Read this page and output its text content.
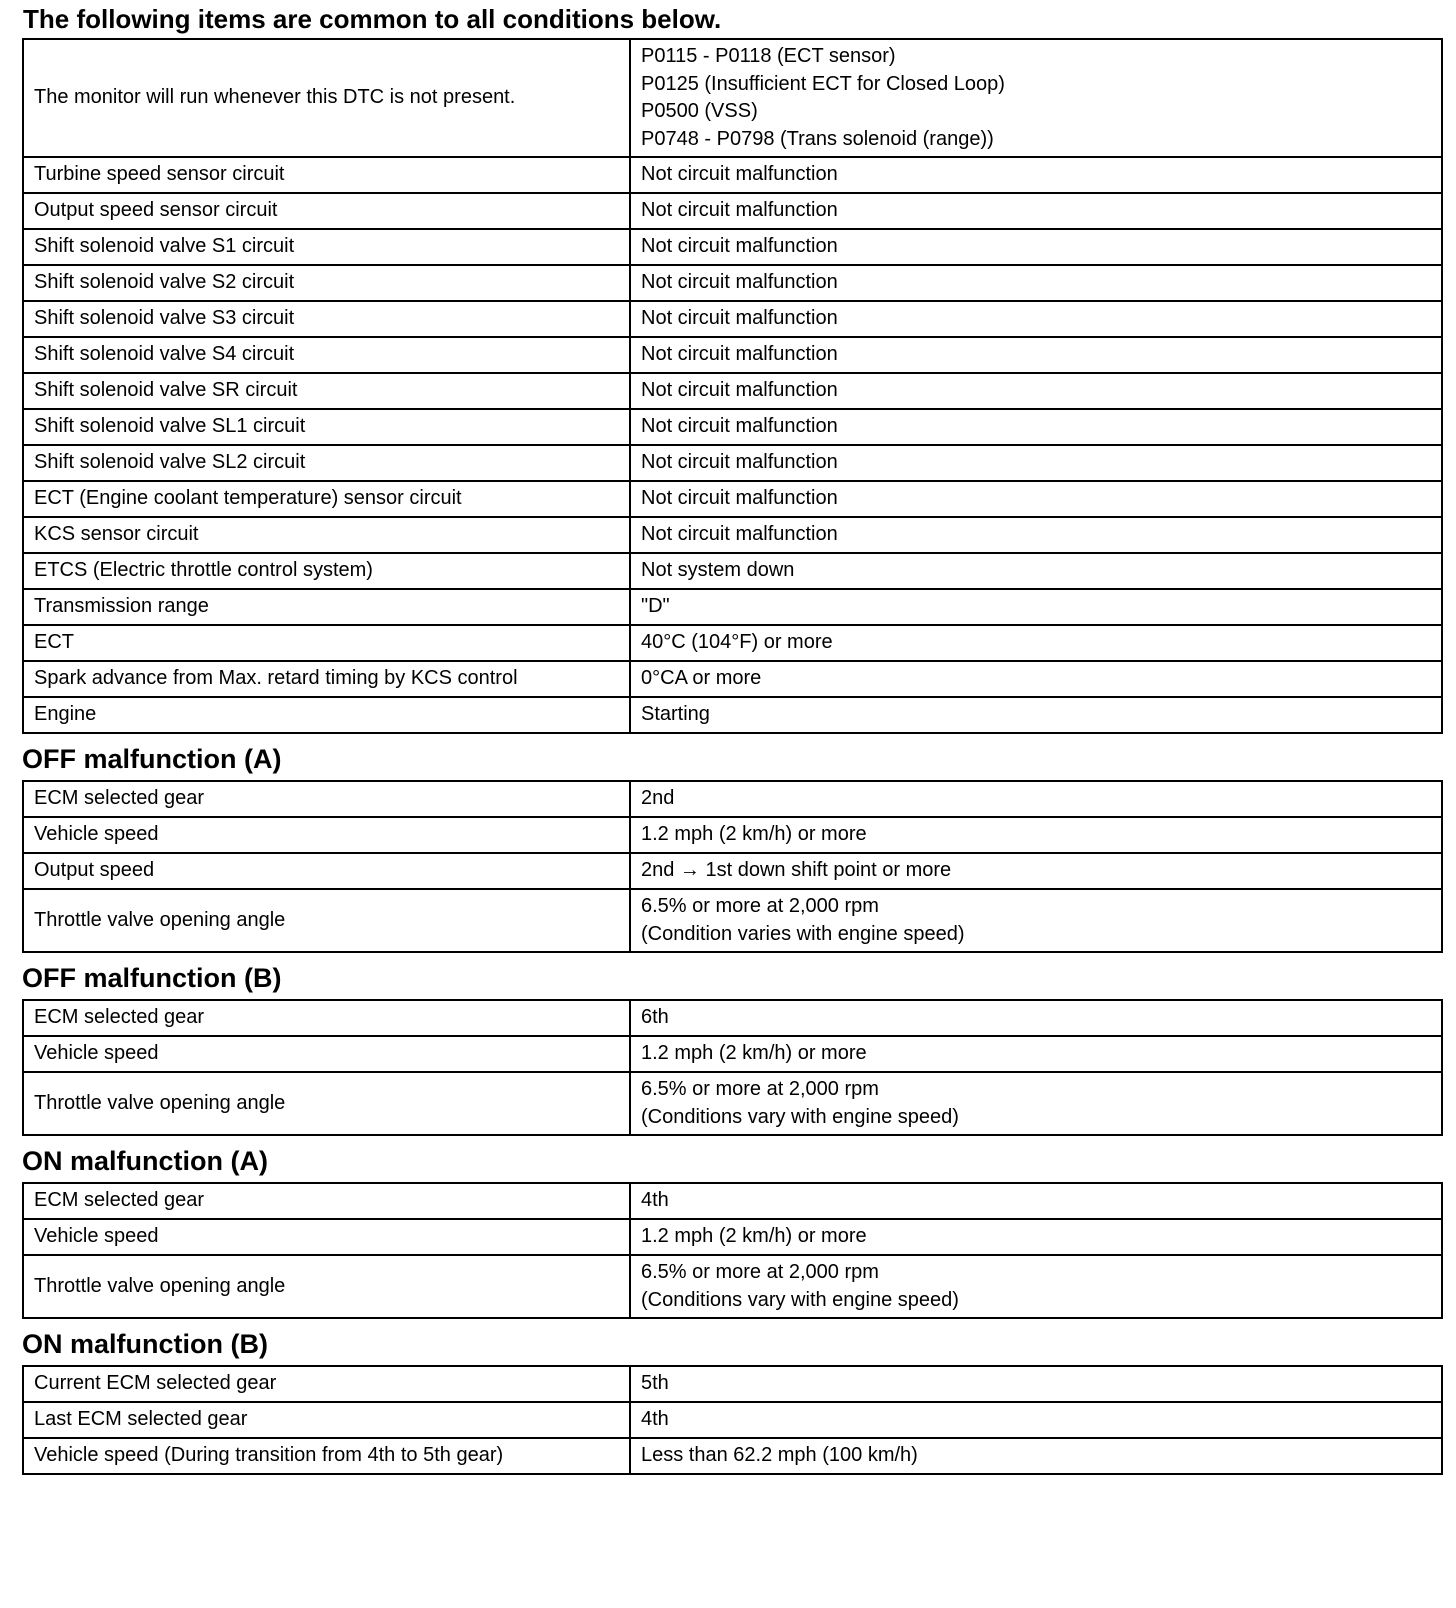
The following items are common to all conditions below.
The monitor will run whenever this DTC is not present.	P0115 - P0118 (ECT sensor)
P0125 (Insufficient ECT for Closed Loop)
P0500 (VSS)
P0748 - P0798 (Trans solenoid (range))

Turbine speed sensor circuit	Not circuit malfunction

Output speed sensor circuit	Not circuit malfunction

Shift solenoid valve S1 circuit	Not circuit malfunction

Shift solenoid valve S2 circuit	Not circuit malfunction

Shift solenoid valve S3 circuit	Not circuit malfunction

Shift solenoid valve S4 circuit	Not circuit malfunction

Shift solenoid valve SR circuit	Not circuit malfunction

Shift solenoid valve SL1 circuit	Not circuit malfunction

Shift solenoid valve SL2 circuit	Not circuit malfunction

ECT (Engine coolant temperature) sensor circuit	Not circuit malfunction

KCS sensor circuit	Not circuit malfunction

ETCS (Electric throttle control system)	Not system down

Transmission range	"D"

ECT	40°C (104°F) or more

Spark advance from Max. retard timing by KCS control	0°CA or more

Engine	Starting
OFF malfunction (A)
ECM selected gear	2nd

Vehicle speed	1.2 mph (2 km/h) or more

Output speed	2nd → 1st down shift point or more

Throttle valve opening angle	6.5% or more at 2,000 rpm
(Condition varies with engine speed)
OFF malfunction (B)
ECM selected gear	6th

Vehicle speed	1.2 mph (2 km/h) or more

Throttle valve opening angle	6.5% or more at 2,000 rpm
(Conditions vary with engine speed)
ON malfunction (A)
ECM selected gear	4th

Vehicle speed	1.2 mph (2 km/h) or more

Throttle valve opening angle	6.5% or more at 2,000 rpm
(Conditions vary with engine speed)
ON malfunction (B)
Current ECM selected gear	5th

Last ECM selected gear	4th

Vehicle speed (During transition from 4th to 5th gear)	Less than 62.2 mph (100 km/h)
